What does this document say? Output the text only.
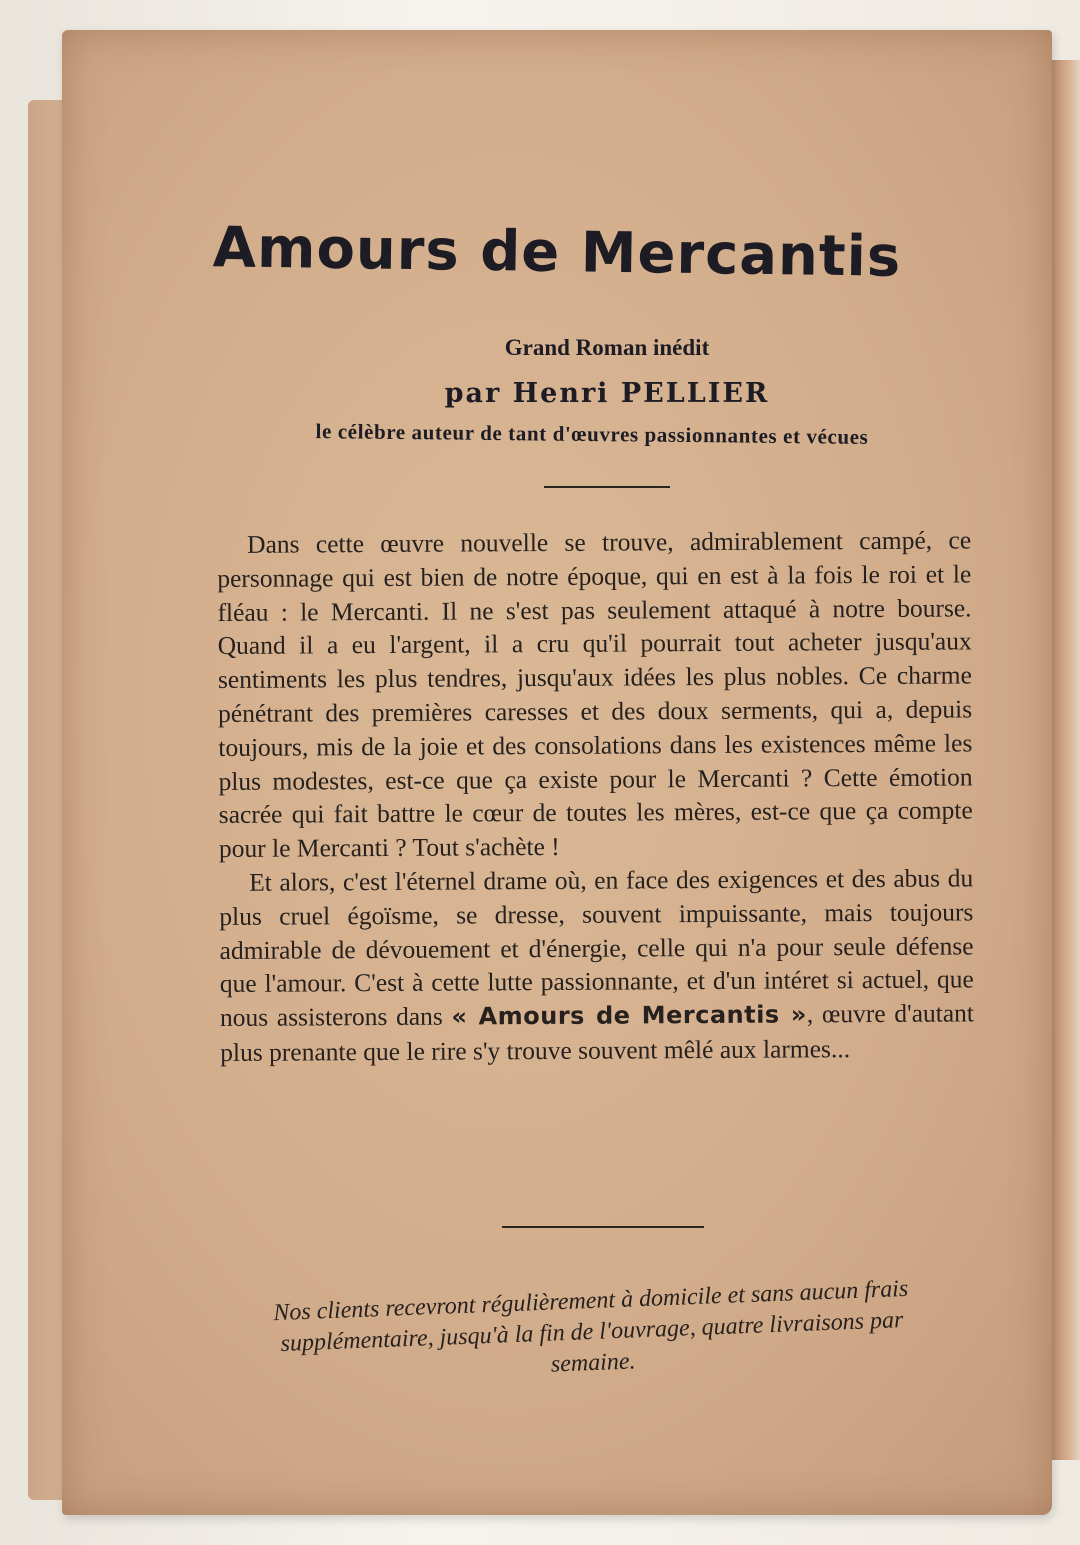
Amours de Mercantis
Grand Roman inédit
par Henri PELLIER
le célèbre auteur de tant d'œuvres passionnantes et vécues

Dans cette œuvre nouvelle se trouve, admirablement campé, ce personnage qui est bien de notre époque, qui en est à la fois le roi et le fléau : le Mercanti. Il ne s'est pas seulement attaqué à notre bourse. Quand il a eu l'argent, il a cru qu'il pourrait tout acheter jusqu'aux sentiments les plus tendres, jusqu'aux idées les plus nobles. Ce charme pénétrant des premières caresses et des doux serments, qui a, depuis toujours, mis de la joie et des consolations dans les existences même les plus modestes, est-ce que ça existe pour le Mercanti ? Cette émotion sacrée qui fait battre le cœur de toutes les mères, est-ce que ça compte pour le Mercanti ? Tout s'achète !

Et alors, c'est l'éternel drame où, en face des exigences et des abus du plus cruel égoïsme, se dresse, souvent impuissante, mais toujours admirable de dévouement et d'énergie, celle qui n'a pour seule défense que l'amour. C'est à cette lutte passionnante, et d'un intéret si actuel, que nous assisterons dans « Amours de Mercantis », œuvre d'autant plus prenante que le rire s'y trouve souvent mêlé aux larmes...

Nos clients recevront régulièrement à domicile et sans aucun frais supplémentaire, jusqu'à la fin de l'ouvrage, quatre livraisons par semaine.
